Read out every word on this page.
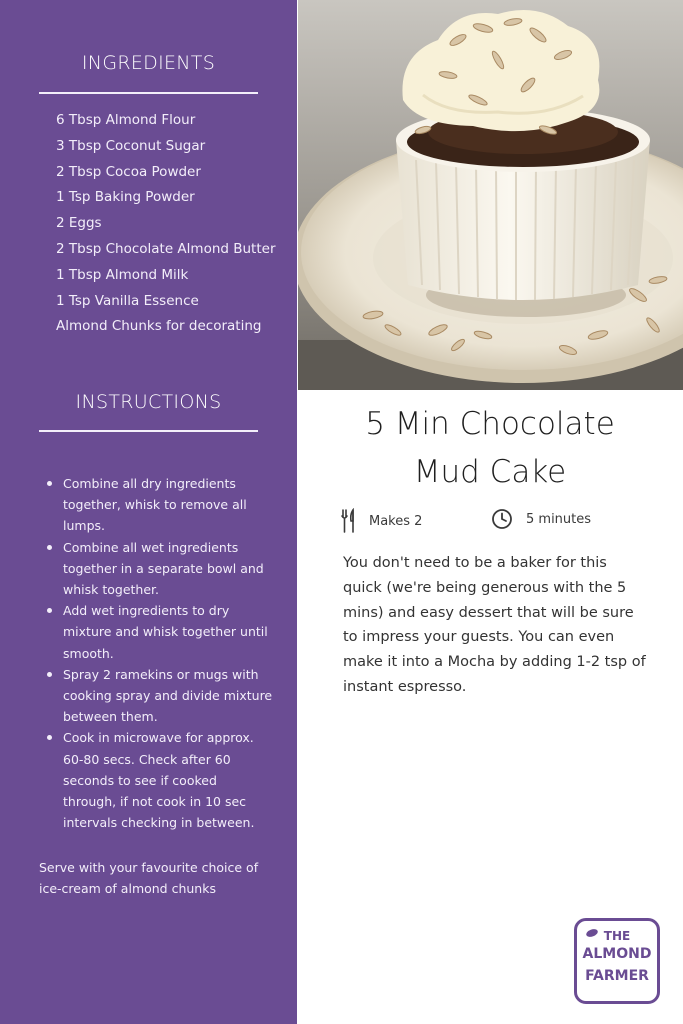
INGREDIENTS
6 Tbsp Almond Flour
3 Tbsp Coconut Sugar
2 Tbsp Cocoa Powder
1 Tsp Baking Powder
2 Eggs
2 Tbsp Chocolate Almond Butter
1 Tbsp Almond Milk
1 Tsp Vanilla Essence
Almond Chunks for decorating
INSTRUCTIONS
Combine all dry ingredients together, whisk to remove all lumps.
Combine all wet ingredients together in a separate bowl and whisk together.
Add wet ingredients to dry mixture and whisk together until smooth.
Spray 2 ramekins or mugs with cooking spray and divide mixture between them.
Cook in microwave for approx. 60-80 secs. Check after 60 seconds to see if cooked through, if not cook in 10 sec intervals checking in between.

Serve with your favourite choice of ice-cream of almond chunks

5 Min Chocolate
Mud Cake
Makes 2	5 minutes

You don't need to be a baker for this quick (we're being generous with the 5 mins) and easy dessert that will be sure to impress your guests. You can even make it into a Mocha by adding 1-2 tsp of instant espresso.

THE
ALMOND
FARMER
